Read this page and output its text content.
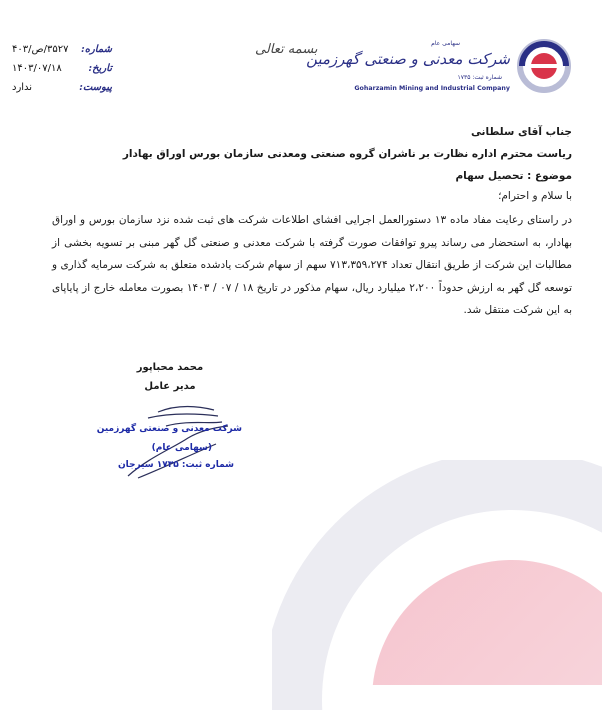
سهامی عام
شرکت معدنی و صنعتی گهرزمین
شماره ثبت: ۱۷۳۵
Goharzamin Mining and Industrial Company
بسمه تعالی
شماره:
۳۵۲۷/ص/۴۰۳
تاریخ:
۱۴۰۳/۰۷/۱۸
پیوست:
ندارد
جناب آقای سلطانی
ریاست محترم اداره نظارت بر ناشران گروه صنعتی ومعدنی سازمان بورس اوراق بهادار
موضوع : تحصیل سهام
با سلام و احترام؛

در راستای رعایت مفاد ماده ۱۳ دستورالعمل اجرایی افشای اطلاعات شرکت های ثبت شده نزد سازمان بورس و اوراق بهادار، به استحضار می رساند پیرو توافقات صورت گرفته با شرکت معدنی و صنعتی گل گهر مبنی بر تسویه بخشی از مطالبات این شرکت از طریق انتقال تعداد ۷۱۳،۳۵۹،۲۷۴ سهم از سهام شرکت یادشده متعلق به شرکت سرمایه گذاری و توسعه گل گهر به ارزش حدوداً ۲،۲۰۰ میلیارد ریال، سهام مذکور در تاریخ ۱۸ / ۰۷ / ۱۴۰۳ بصورت معامله خارج از پایاپای به این شرکت منتقل شد.

محمد محباپور
مدیر عامل
شرکت معدنی و صنعتی گهرزمین
(سهامی عام)
شماره ثبت: ۱۷۳۵ سیرجان
